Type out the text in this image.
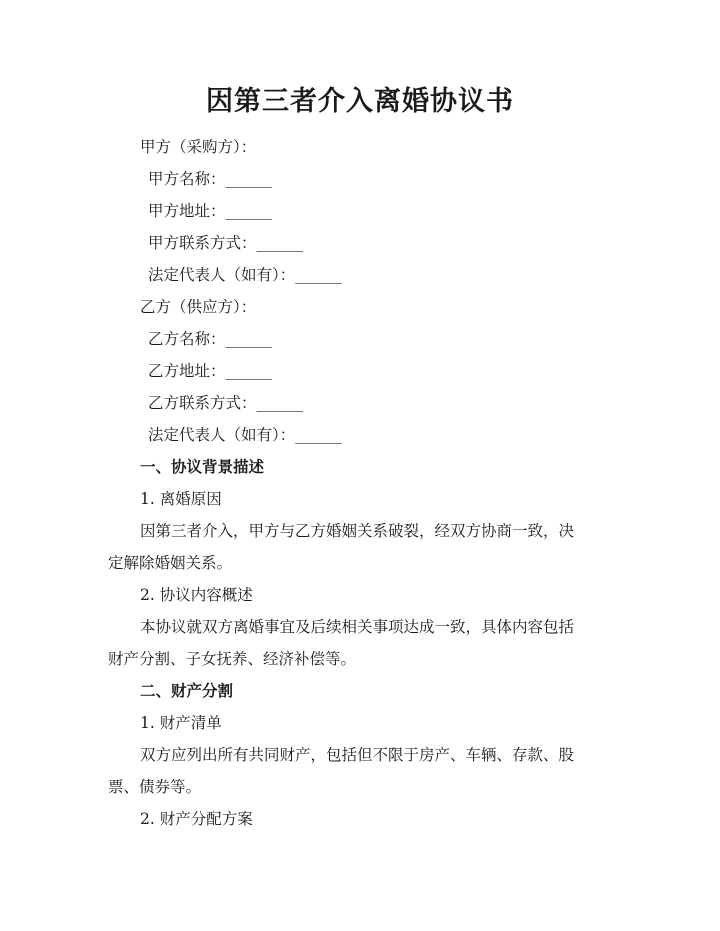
因第三者介入离婚协议书
甲方（采购方）：
甲方名称：______
甲方地址：______
甲方联系方式：______
法定代表人（如有）：______
乙方（供应方）：
乙方名称：______
乙方地址：______
乙方联系方式：______
法定代表人（如有）：______
一、协议背景描述
1. 离婚原因
因第三者介入，甲方与乙方婚姻关系破裂，经双方协商一致，决
定解除婚姻关系。
2. 协议内容概述
本协议就双方离婚事宜及后续相关事项达成一致，具体内容包括
财产分割、子女抚养、经济补偿等。
二、财产分割
1. 财产清单
双方应列出所有共同财产，包括但不限于房产、车辆、存款、股
票、债券等。
2. 财产分配方案
